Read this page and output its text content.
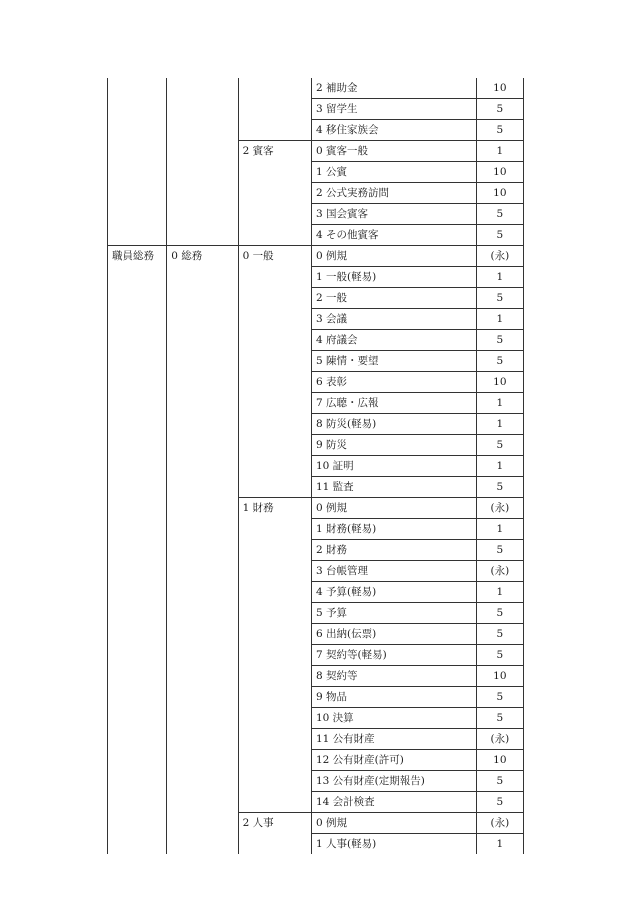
			2 補助金	10
			3 留学生	5
			4 移住家族会	5
		2 賓客	0 賓客一般	1
			1 公賓	10
			2 公式実務訪問	10
			3 国会賓客	5
			4 その他賓客	5
職員総務	0 総務	0 一般	0 例規	(永)
			1 一般(軽易)	1
			2 一般	5
			3 会議	1
			4 府議会	5
			5 陳情・要望	5
			6 表彰	10
			7 広聴・広報	1
			8 防災(軽易)	1
			9 防災	5
			10 証明	1
			11 監査	5
		1 財務	0 例規	(永)
			1 財務(軽易)	1
			2 財務	5
			3 台帳管理	(永)
			4 予算(軽易)	1
			5 予算	5
			6 出納(伝票)	5
			7 契約等(軽易)	5
			8 契約等	10
			9 物品	5
			10 決算	5
			11 公有財産	(永)
			12 公有財産(許可)	10
			13 公有財産(定期報告)	5
			14 会計検査	5
		2 人事	0 例規	(永)
			1 人事(軽易)	1
